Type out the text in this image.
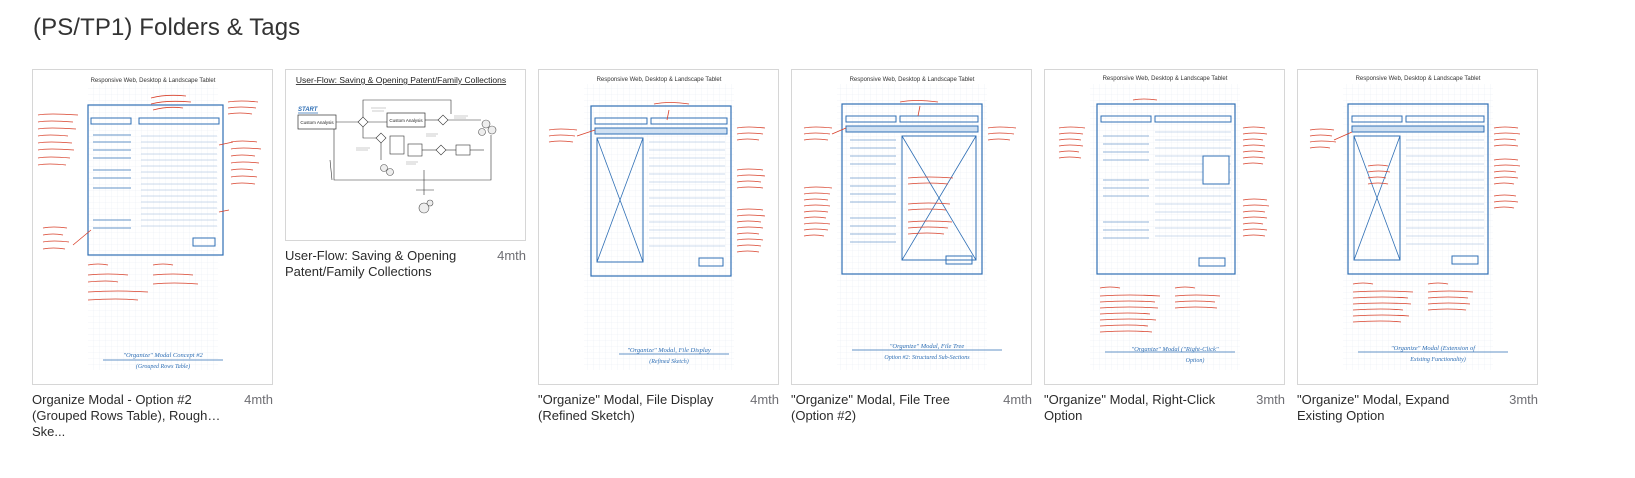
(PS/TP1) Folders & Tags
Responsive Web, Desktop & Landscape Tablet
"Organize" Modal Concept #2
(Grouped Rows Table)
Organize Modal - Option #2 (Grouped Rows Table), Rough Ske...
4mth
User-Flow: Saving & Opening Patent/Family Collections
START
Custom Analysis	Custom Analysis
User-Flow: Saving & Opening Patent/Family Collections
4mth
Responsive Web, Desktop & Landscape Tablet
"Organize" Modal, File Display
(Refined Sketch)
"Organize" Modal, File Display (Refined Sketch)
4mth
Responsive Web, Desktop & Landscape Tablet
"Organize" Modal, File Tree
Option #2: Structured Sub-Sections
"Organize" Modal, File Tree (Option #2)
4mth
Responsive Web, Desktop & Landscape Tablet
"Organize" Modal ("Right-Click"
Option)
"Organize" Modal, Right-Click Option
3mth
Responsive Web, Desktop & Landscape Tablet
"Organize" Modal (Extension of
Existing Functionality)
"Organize" Modal, Expand Existing Option
3mth
